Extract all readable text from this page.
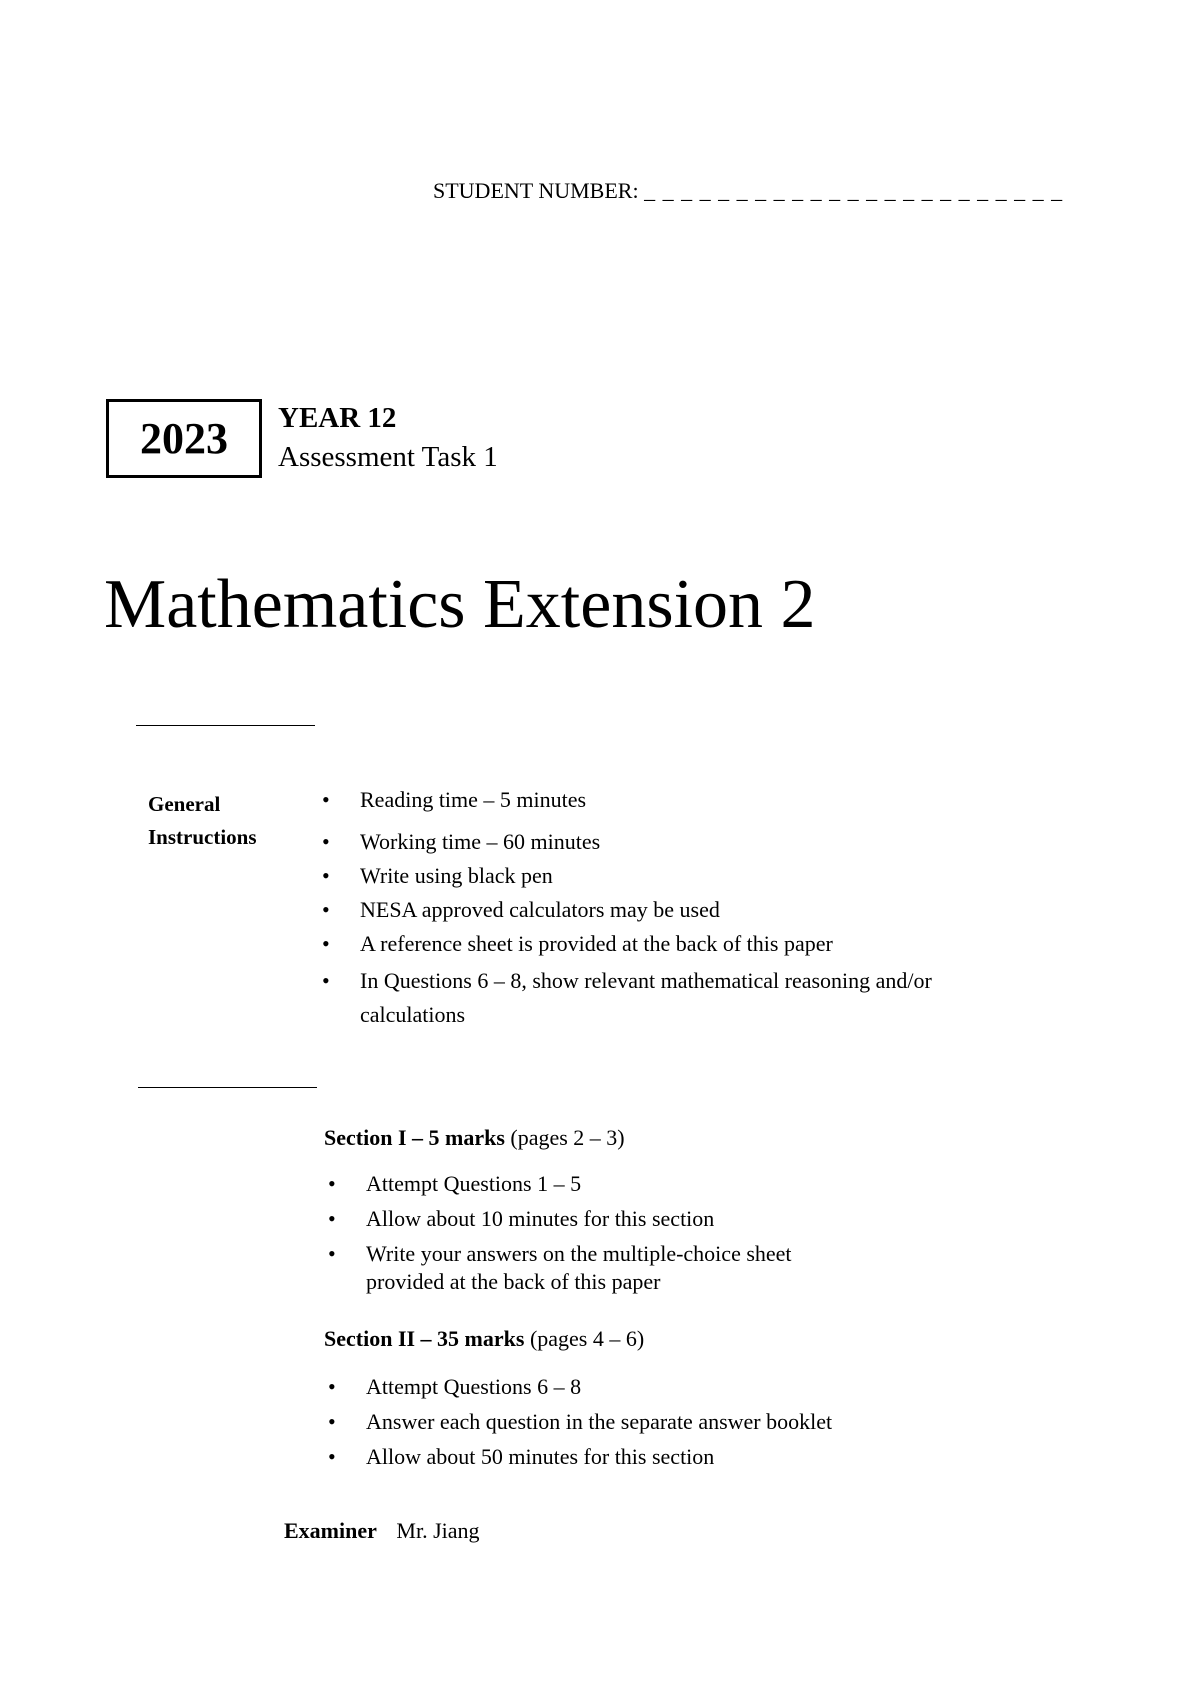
STUDENT NUMBER: _ _ _ _ _ _ _ _ _ _ _ _ _ _ _ _ _ _ _ _ _ _ _
2023	YEAR 12
Assessment Task 1
Mathematics Extension 2
General
Instructions
• Reading time – 5 minutes
• Working time – 60 minutes
• Write using black pen
• NESA approved calculators may be used
• A reference sheet is provided at the back of this paper
• In Questions 6 – 8, show relevant mathematical reasoning and/or calculations
Section I – 5 marks (pages 2 – 3)
• Attempt Questions 1 – 5
• Allow about 10 minutes for this section
• Write your answers on the multiple-choice sheet provided at the back of this paper
Section II – 35 marks (pages 4 – 6)
• Attempt Questions 6 – 8
• Answer each question in the separate answer booklet
• Allow about 50 minutes for this section
Examiner Mr. Jiang
